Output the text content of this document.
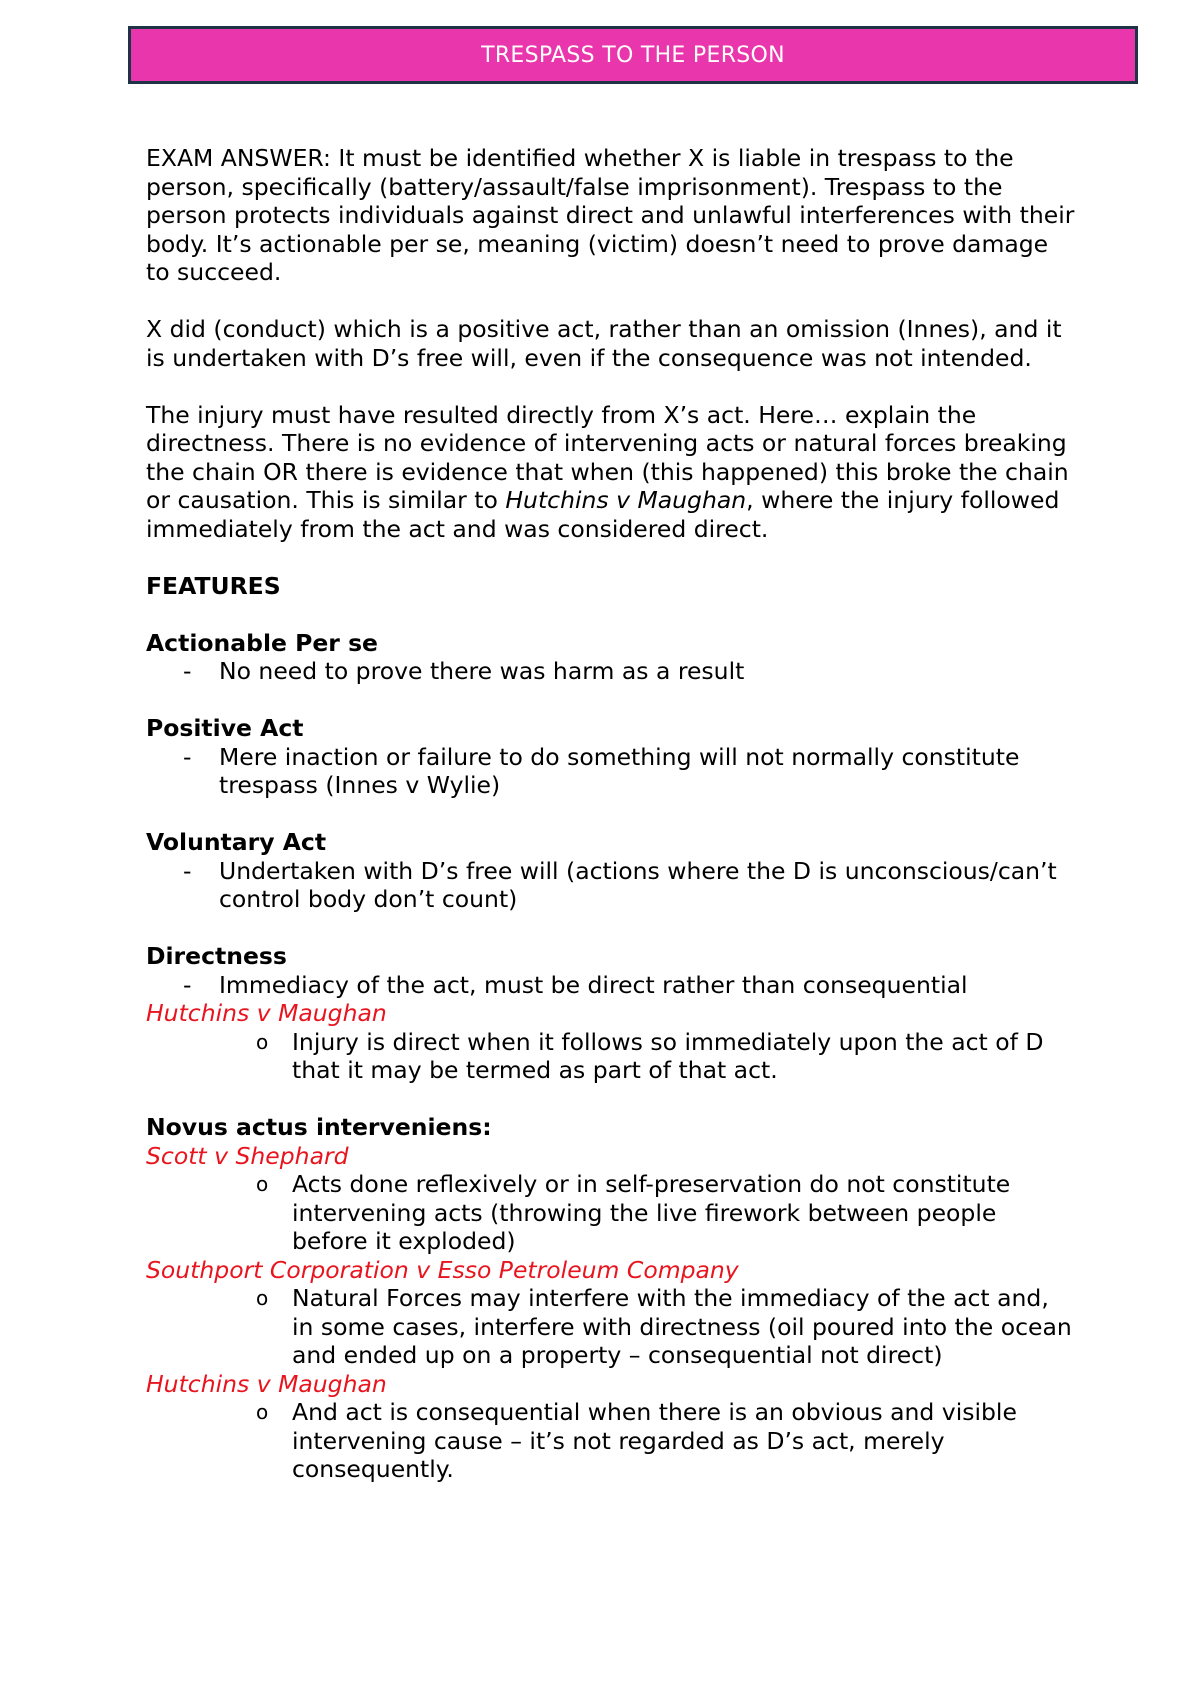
TRESPASS TO THE PERSON

EXAM ANSWER: It must be identified whether X is liable in trespass to the person, specifically (battery/assault/false imprisonment). Trespass to the person protects individuals against direct and unlawful interferences with their body. It’s actionable per se, meaning (victim) doesn’t need to prove damage to succeed.

X did (conduct) which is a positive act, rather than an omission (Innes), and it is undertaken with D’s free will, even if the consequence was not intended.

The injury must have resulted directly from X’s act. Here… explain the directness. There is no evidence of intervening acts or natural forces breaking the chain OR there is evidence that when (this happened) this broke the chain or causation. This is similar to Hutchins v Maughan, where the injury followed immediately from the act and was considered direct.

FEATURES

Actionable Per se

- No need to prove there was harm as a result

Positive Act

- Mere inaction or failure to do something will not normally constitute trespass (Innes v Wylie)

Voluntary Act

- Undertaken with D’s free will (actions where the D is unconscious/can’t control body don’t count)

Directness

- Immediacy of the act, must be direct rather than consequential

Hutchins v Maughan

o Injury is direct when it follows so immediately upon the act of D that it may be termed as part of that act.

Novus actus interveniens:

Scott v Shephard

o Acts done reflexively or in self-preservation do not constitute intervening acts (throwing the live firework between people before it exploded)

Southport Corporation v Esso Petroleum Company

o Natural Forces may interfere with the immediacy of the act and, in some cases, interfere with directness (oil poured into the ocean and ended up on a property – consequential not direct)

Hutchins v Maughan

o And act is consequential when there is an obvious and visible intervening cause – it’s not regarded as D’s act, merely consequently.
